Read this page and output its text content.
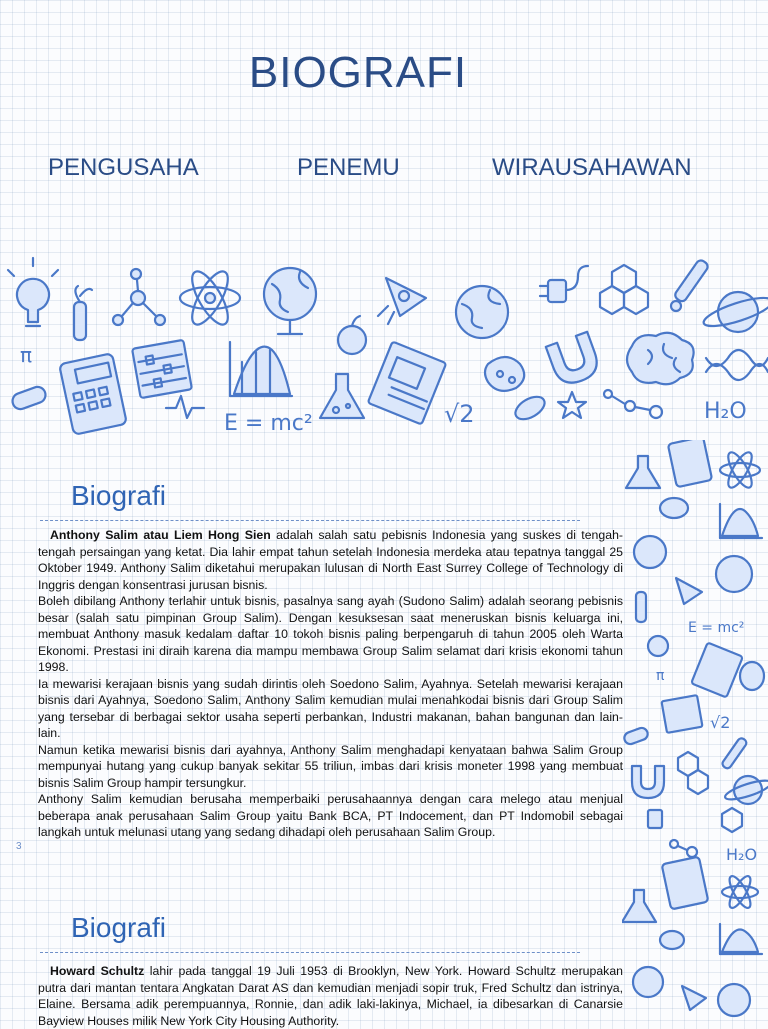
BIOGRAFI
PENGUSAHA	PENEMU	WIRAUSAHAWAN
π
E = mc²	√2	H₂O
E = mc²
π
√2
H₂O
Biografi

Anthony Salim atau Liem Hong Sien adalah salah satu pebisnis Indonesia yang suskes di tengah-tengah persaingan yang ketat. Dia lahir empat tahun setelah Indonesia merdeka atau tepatnya tanggal 25 Oktober 1949. Anthony Salim diketahui merupakan lulusan di North East Surrey College of Technology di Inggris dengan konsentrasi jurusan bisnis.

Boleh dibilang Anthony terlahir untuk bisnis, pasalnya sang ayah (Sudono Salim) adalah seorang pebisnis besar (salah satu pimpinan Group Salim). Dengan kesuksesan saat meneruskan bisnis keluarga ini, membuat Anthony masuk kedalam daftar 10 tokoh bisnis paling berpengaruh di tahun 2005 oleh Warta Ekonomi. Prestasi ini diraih karena dia mampu membawa Group Salim selamat dari krisis ekonomi tahun 1998.

Ia mewarisi kerajaan bisnis yang sudah dirintis oleh Soedono Salim, Ayahnya. Setelah mewarisi kerajaan bisnis dari Ayahnya, Soedono Salim, Anthony Salim kemudian mulai menahkodai bisnis dari Group Salim yang tersebar di berbagai sektor usaha seperti perbankan, Industri makanan, bahan bangunan dan lain-lain.

Namun ketika mewarisi bisnis dari ayahnya, Anthony Salim menghadapi kenyataan bahwa Salim Group mempunyai hutang yang cukup banyak sekitar 55 triliun, imbas dari krisis moneter 1998 yang membuat bisnis Salim Group hampir tersungkur.

Anthony Salim kemudian berusaha memperbaiki perusahaannya dengan cara melego atau menjual beberapa anak perusahaan Salim Group yaitu Bank BCA, PT Indocement, dan PT Indomobil sebagai langkah untuk melunasi utang yang sedang dihadapi oleh perusahaan Salim Group.

3
Biografi

Howard Schultz lahir pada tanggal 19 Juli 1953 di Brooklyn, New York. Howard Schultz merupakan putra dari mantan tentara Angkatan Darat AS dan kemudian menjadi sopir truk, Fred Schultz dan istrinya, Elaine. Bersama adik perempuannya, Ronnie, dan adik laki-lakinya, Michael, ia dibesarkan di Canarsie Bayview Houses milik New York City Housing Authority.
